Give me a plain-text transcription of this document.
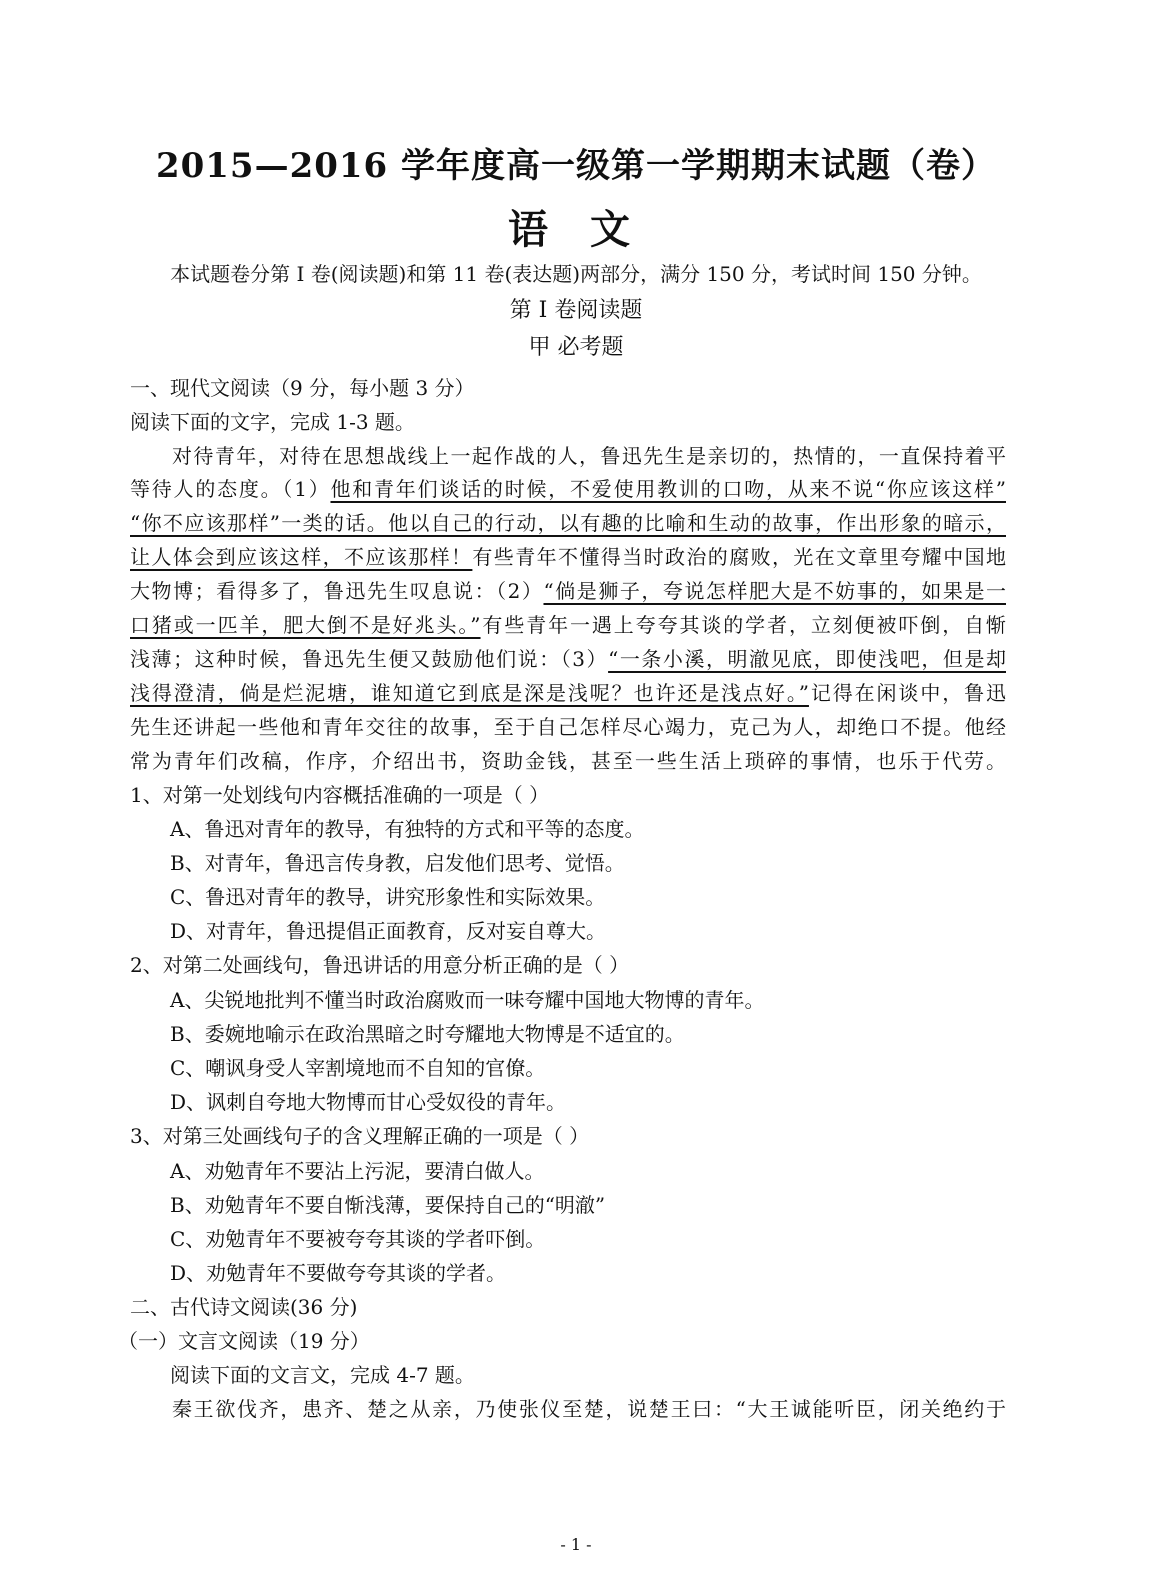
2015—2016 学年度高一级第一学期期末试题（卷）
语 文
本试题卷分第 I 卷(阅读题)和第 11 卷(表达题)两部分，满分 150 分，考试时间 150 分钟。
第 I 卷阅读题
甲 必考题
一、现代文阅读（9 分，每小题 3 分）
阅读下面的文字，完成 1-3 题。
对待青年，对待在思想战线上一起作战的人，鲁迅先生是亲切的，热情的，一直保持着平
等待人的态度。（1）他和青年们谈话的时候，不爱使用教训的口吻，从来不说“你应该这样”
“你不应该那样”一类的话。他以自己的行动，以有趣的比喻和生动的故事，作出形象的暗示，
让人体会到应该这样，不应该那样！有些青年不懂得当时政治的腐败，光在文章里夸耀中国地
大物博；看得多了，鲁迅先生叹息说：（2）“倘是狮子，夸说怎样肥大是不妨事的，如果是一
口猪或一匹羊，肥大倒不是好兆头。”有些青年一遇上夸夸其谈的学者，立刻便被吓倒，自惭
浅薄；这种时候，鲁迅先生便又鼓励他们说：（3）“一条小溪，明澈见底，即使浅吧，但是却
浅得澄清，倘是烂泥塘，谁知道它到底是深是浅呢？也许还是浅点好。”记得在闲谈中，鲁迅
先生还讲起一些他和青年交往的故事，至于自己怎样尽心竭力，克己为人，却绝口不提。他经
常为青年们改稿，作序，介绍出书，资助金钱，甚至一些生活上琐碎的事情，也乐于代劳。
1、对第一处划线句内容概括准确的一项是（ ）
A、鲁迅对青年的教导，有独特的方式和平等的态度。
B、对青年，鲁迅言传身教，启发他们思考、觉悟。
C、鲁迅对青年的教导，讲究形象性和实际效果。
D、对青年，鲁迅提倡正面教育，反对妄自尊大。
2、对第二处画线句，鲁迅讲话的用意分析正确的是（ ）
A、尖锐地批判不懂当时政治腐败而一味夸耀中国地大物博的青年。
B、委婉地喻示在政治黑暗之时夸耀地大物博是不适宜的。
C、嘲讽身受人宰割境地而不自知的官僚。
D、讽刺自夸地大物博而甘心受奴役的青年。
3、对第三处画线句子的含义理解正确的一项是（ ）
A、劝勉青年不要沾上污泥，要清白做人。
B、劝勉青年不要自惭浅薄，要保持自己的“明澈”
C、劝勉青年不要被夸夸其谈的学者吓倒。
D、劝勉青年不要做夸夸其谈的学者。
二、古代诗文阅读(36 分)
（一）文言文阅读（19 分）
阅读下面的文言文，完成 4-7 题。
秦王欲伐齐，患齐、楚之从亲，乃使张仪至楚，说楚王曰：“大王诚能听臣，闭关绝约于
- 1 -
